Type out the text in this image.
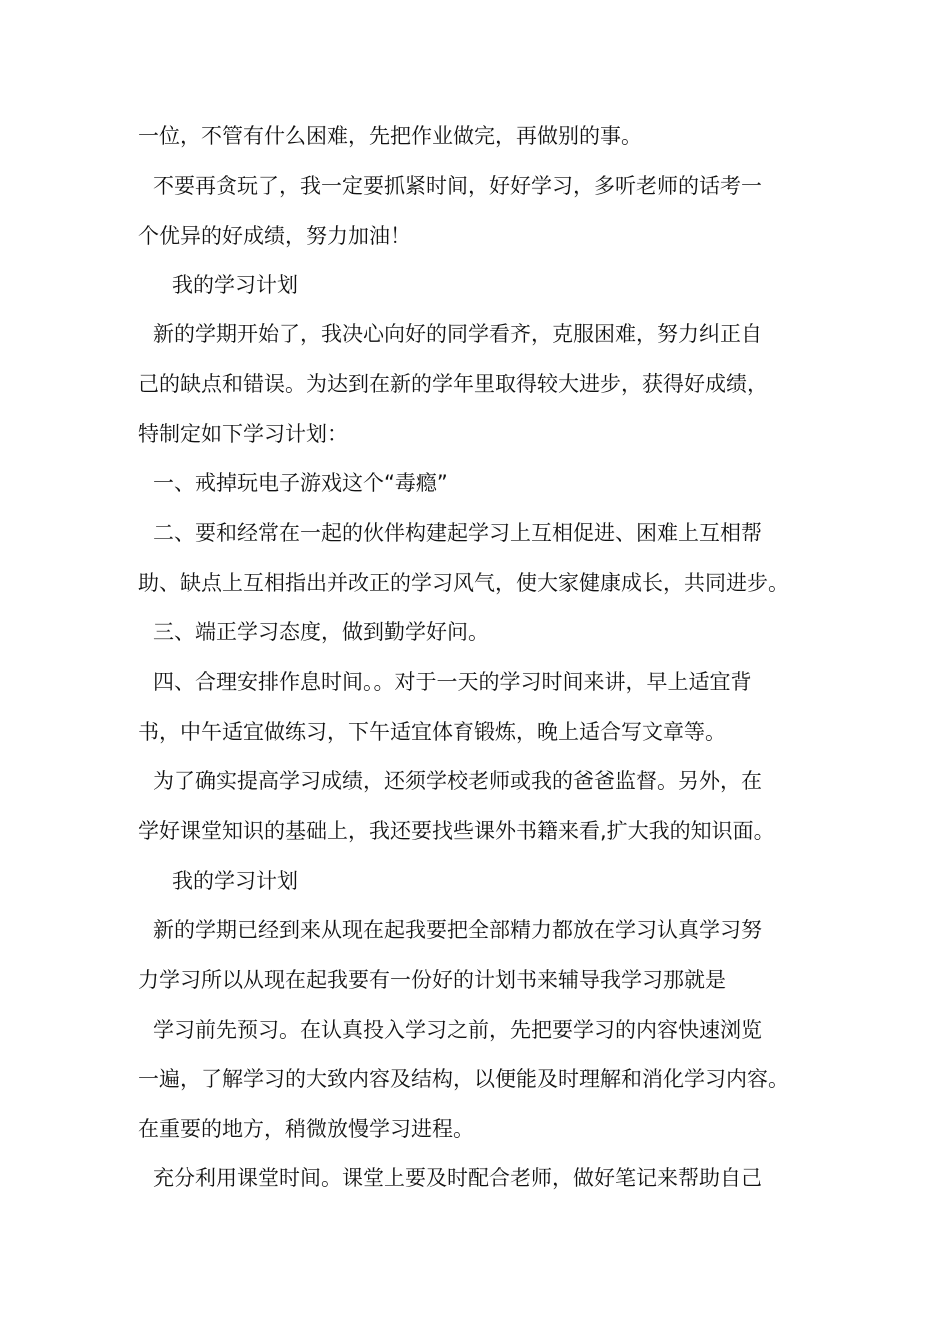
一位，不管有什么困难，先把作业做完，再做别的事。
不要再贪玩了，我一定要抓紧时间，好好学习，多听老师的话考一
个优异的好成绩，努力加油！
我的学习计划
新的学期开始了，我决心向好的同学看齐，克服困难，努力纠正自
己的缺点和错误。为达到在新的学年里取得较大进步，获得好成绩，
特制定如下学习计划：
一、戒掉玩电子游戏这个“毒瘾”
二、要和经常在一起的伙伴构建起学习上互相促进、困难上互相帮
助、缺点上互相指出并改正的学习风气，使大家健康成长，共同进步。
三、端正学习态度，做到勤学好问。
四、合理安排作息时间。。对于一天的学习时间来讲，早上适宜背
书，中午适宜做练习，下午适宜体育锻炼，晚上适合写文章等。
为了确实提高学习成绩，还须学校老师或我的爸爸监督。另外，在
学好课堂知识的基础上，我还要找些课外书籍来看,扩大我的知识面。
我的学习计划
新的学期已经到来从现在起我要把全部精力都放在学习认真学习努
力学习所以从现在起我要有一份好的计划书来辅导我学习那就是
学习前先预习。在认真投入学习之前，先把要学习的内容快速浏览
一遍，了解学习的大致内容及结构，以便能及时理解和消化学习内容。
在重要的地方，稍微放慢学习进程。
充分利用课堂时间。课堂上要及时配合老师，做好笔记来帮助自己
